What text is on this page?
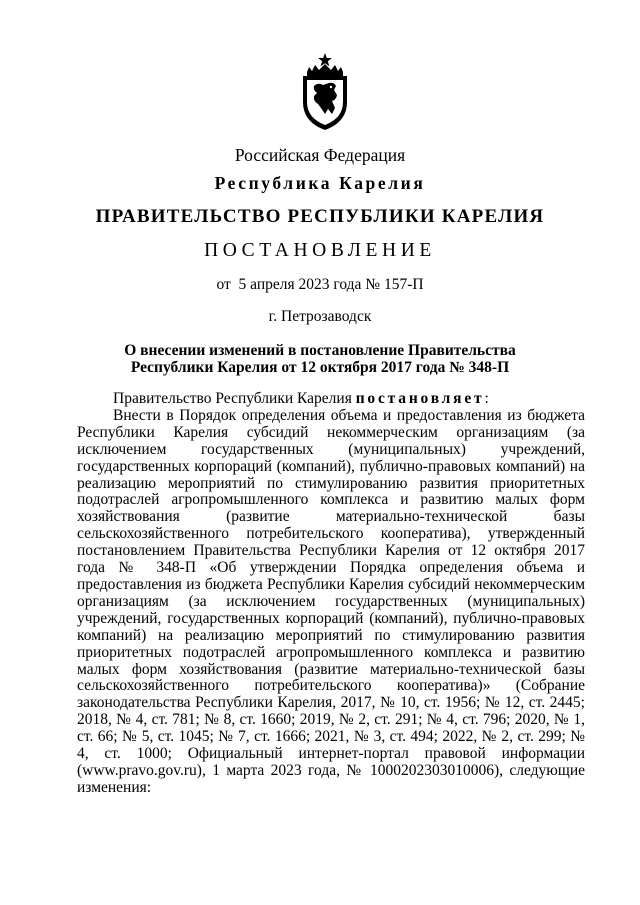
Российская Федерация
Республика Карелия
ПРАВИТЕЛЬСТВО РЕСПУБЛИКИ КАРЕЛИЯ
ПОСТАНОВЛЕНИЕ
от  5 апреля 2023 года № 157-П
г. Петрозаводск
О внесении изменений в постановление Правительства
Республики Карелия от 12 октября 2017 года № 348-П

Правительство Республики Карелия постановляет:

Внести в Порядок определения объема и предоставления из бюджета Республики Карелия субсидий некоммерческим организациям (за исключением государственных (муниципальных) учреждений, государственных корпораций (компаний), публично-правовых компаний) на реализацию мероприятий по стимулированию развития приоритетных подотраслей агропромышленного комплекса и развитию малых форм хозяйствования (развитие материально-технической базы сельскохозяйственного потребительского кооператива), утвержденный постановлением Правительства Республики Карелия от 12 октября 2017 года № 348-П «Об утверждении Порядка определения объема и предоставления из бюджета Республики Карелия субсидий некоммерческим организациям (за исключением государственных (муниципальных) учреждений, государственных корпораций (компаний), публично-правовых компаний) на реализацию мероприятий по стимулированию развития приоритетных подотраслей агропромышленного комплекса и развитию малых форм хозяйствования (развитие материально-технической базы сельскохозяйственного потребительского кооператива)» (Собрание законодательства Республики Карелия, 2017, № 10, ст. 1956; № 12, ст. 2445; 2018, № 4, ст. 781; № 8, ст. 1660; 2019, № 2, ст. 291; № 4, ст. 796; 2020, № 1, ст. 66; № 5, ст. 1045; № 7, ст. 1666; 2021, № 3, ст. 494; 2022, № 2, ст. 299; № 4, ст. 1000; Официальный интернет-портал правовой информации (www.pravo.gov.ru), 1 марта 2023 года, № 1000202303010006), следующие изменения:
